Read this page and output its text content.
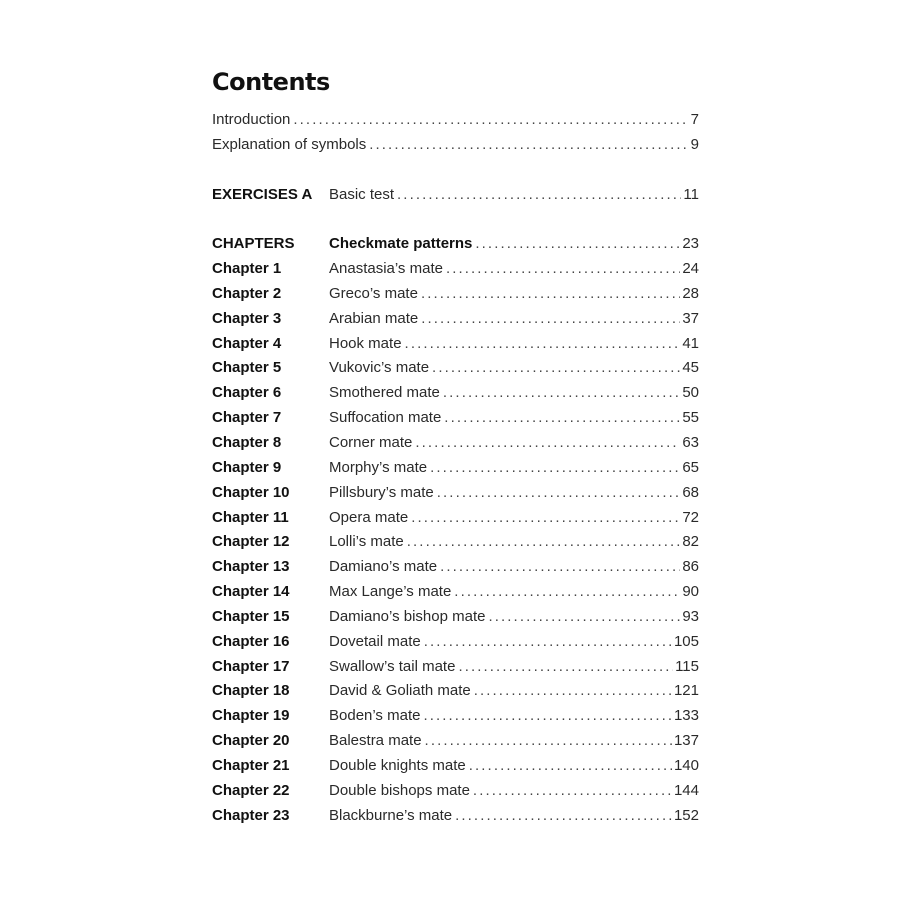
Contents
Introduction .....	7
Explanation of symbols .....	9
EXERCISES A	Basic test .....	11
CHAPTERS	Checkmate patterns .....	23
Chapter 1	Anastasia’s mate .....	24
Chapter 2	Greco’s mate .....	28
Chapter 3	Arabian mate .....	37
Chapter 4	Hook mate .....	41
Chapter 5	Vukovic’s mate .....	45
Chapter 6	Smothered mate .....	50
Chapter 7	Suffocation mate .....	55
Chapter 8	Corner mate .....	63
Chapter 9	Morphy’s mate .....	65
Chapter 10	Pillsbury’s mate .....	68
Chapter 11	Opera mate .....	72
Chapter 12	Lolli’s mate .....	82
Chapter 13	Damiano’s mate .....	86
Chapter 14	Max Lange’s mate .....	90
Chapter 15	Damiano’s bishop mate .....	93
Chapter 16	Dovetail mate .....	105
Chapter 17	Swallow’s tail mate .....	115
Chapter 18	David & Goliath mate .....	121
Chapter 19	Boden’s mate .....	133
Chapter 20	Balestra mate .....	137
Chapter 21	Double knights mate .....	140
Chapter 22	Double bishops mate .....	144
Chapter 23	Blackburne’s mate .....	152
